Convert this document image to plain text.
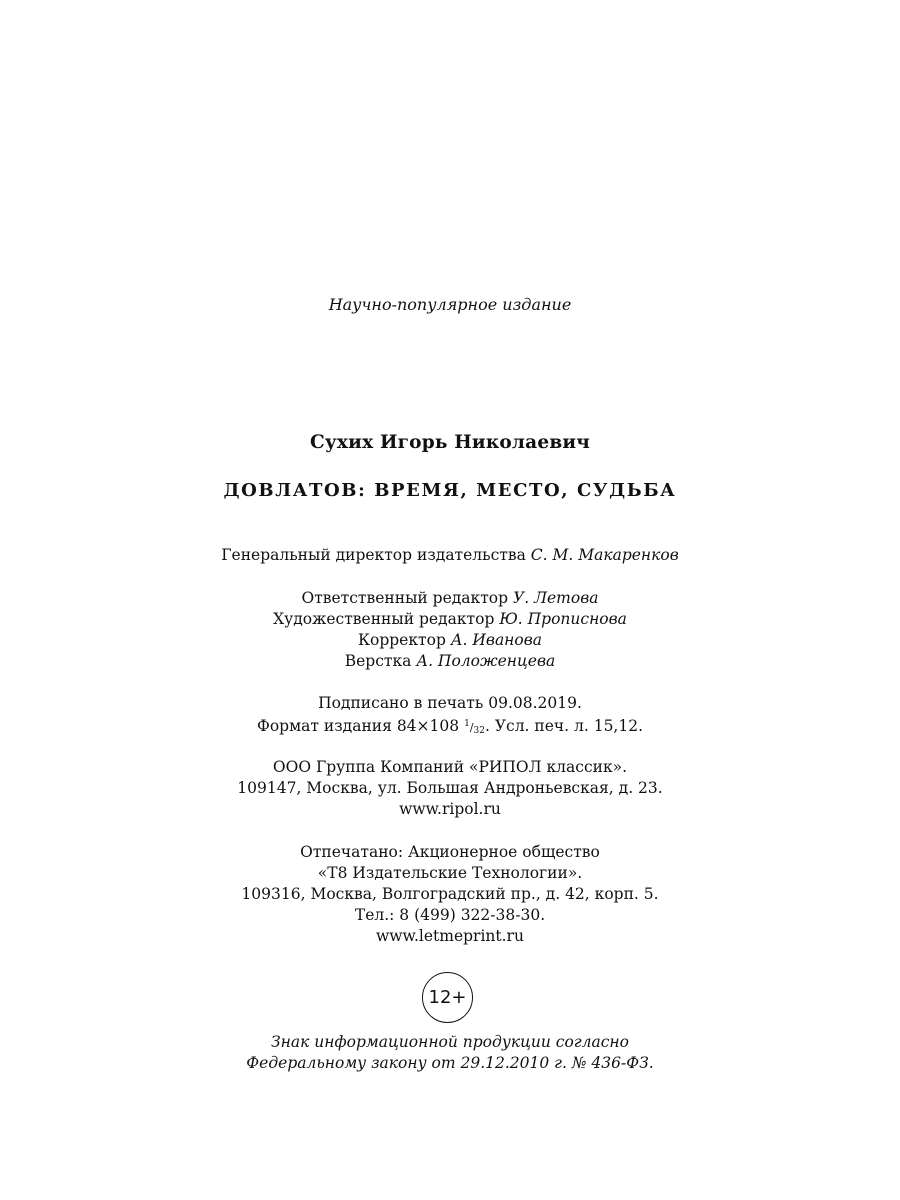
Научно-популярное издание
Сухих Игорь Николаевич
ДОВЛАТОВ: ВРЕМЯ, МЕСТО, СУДЬБА
Генеральный директор издательства С. М. Макаренков
Ответственный редактор У. Летова
Художественный редактор Ю. Прописнова
Корректор А. Иванова
Верстка А. Положенцева
Подписано в печать 09.08.2019.
Формат издания 84×108 $^1/_{32}$. Усл. печ. л. 15,12.
ООО Группа Компаний «РИПОЛ классик».
109147, Москва, ул. Большая Андроньевская, д. 23.
www.ripol.ru
Отпечатано: Акционерное общество
«Т8 Издательские Технологии».
109316, Москва, Волгоградский пр., д. 42, корп. 5.
Тел.: 8 (499) 322-38-30.
www.letmeprint.ru
12+
Знак информационной продукции согласно
Федеральному закону от 29.12.2010 г. № 436-ФЗ.
